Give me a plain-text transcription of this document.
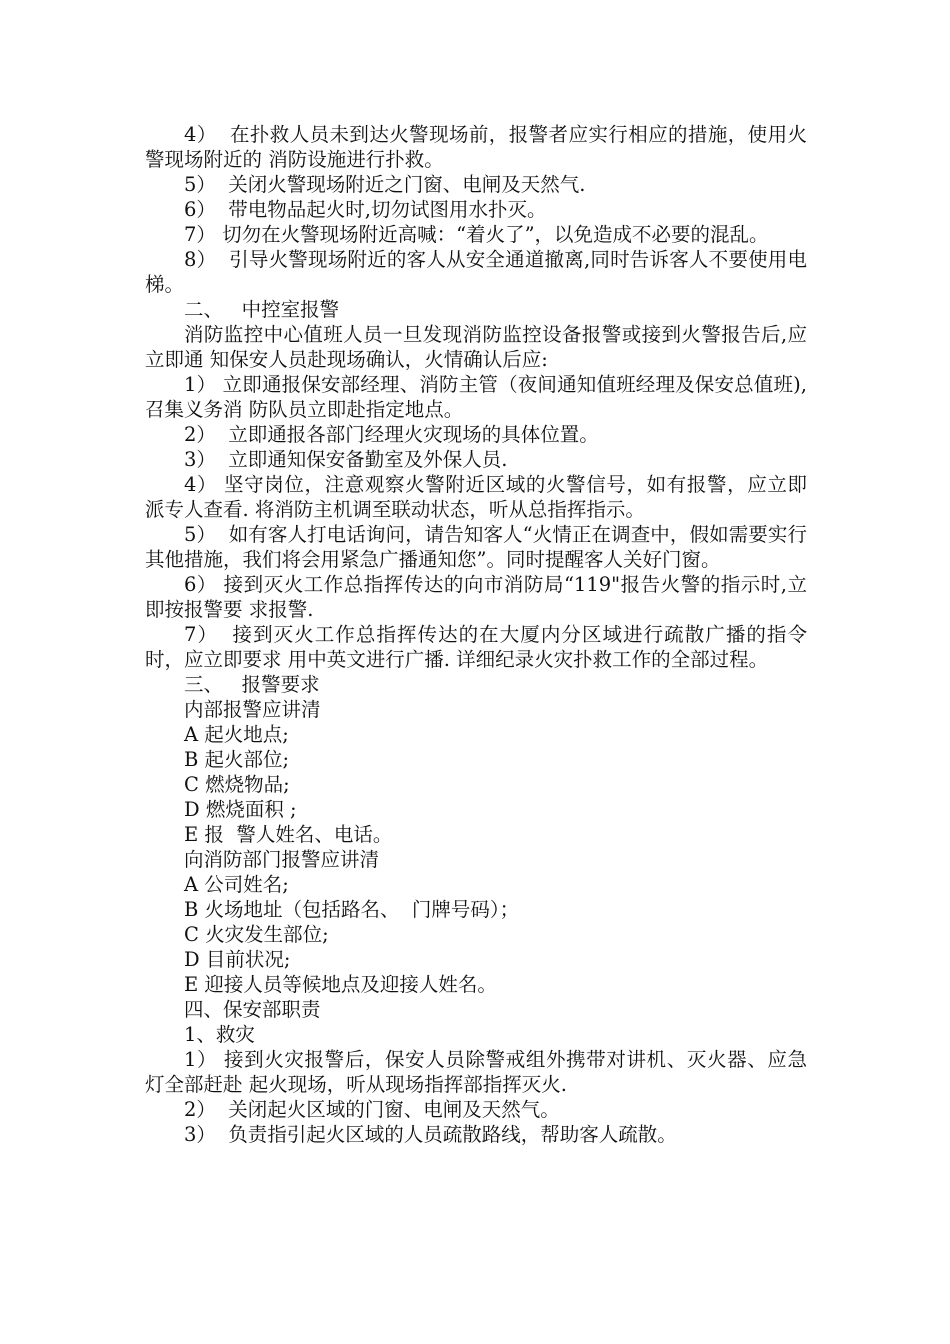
4）  在扑救人员未到达火警现场前，报警者应实行相应的措施，使用火警现场附近的 消防设施进行扑救。

5）  关闭火警现场附近之门窗、电闸及天然气.

6）  带电物品起火时,切勿试图用水扑灭。

7） 切勿在火警现场附近高喊：“着火了”，以免造成不必要的混乱。

8）  引导火警现场附近的客人从安全通道撤离,同时告诉客人不要使用电梯。

二、   中控室报警

消防监控中心值班人员一旦发现消防监控设备报警或接到火警报告后,应立即通 知保安人员赴现场确认，火情确认后应:

1） 立即通报保安部经理、消防主管（夜间通知值班经理及保安总值班),召集义务消 防队员立即赴指定地点。

2）  立即通报各部门经理火灾现场的具体位置。

3）  立即通知保安备勤室及外保人员.

4） 坚守岗位，注意观察火警附近区域的火警信号，如有报警，应立即派专人查看. 将消防主机调至联动状态，听从总指挥指示。

5）  如有客人打电话询问，请告知客人“火情正在调查中，假如需要实行其他措施，我们将会用紧急广播通知您”。同时提醒客人关好门窗。

6） 接到灭火工作总指挥传达的向市消防局“119"报告火警的指示时,立即按报警要 求报警.

7）  接到灭火工作总指挥传达的在大厦内分区域进行疏散广播的指令时，应立即要求 用中英文进行广播. 详细纪录火灾扑救工作的全部过程。

三、   报警要求

内部报警应讲清

A 起火地点;

B 起火部位;

C 燃烧物品;

D 燃烧面积 ;

E 报  警人姓名、电话。

向消防部门报警应讲清

A 公司姓名;

B 火场地址（包括路名、  门牌号码）；

C 火灾发生部位;

D 目前状况;

E 迎接人员等候地点及迎接人姓名。

四、保安部职责

1、救灾

1） 接到火灾报警后，保安人员除警戒组外携带对讲机、灭火器、应急灯全部赶赴 起火现场，听从现场指挥部指挥灭火.

2）  关闭起火区域的门窗、电闸及天然气。

3）  负责指引起火区域的人员疏散路线，帮助客人疏散。
